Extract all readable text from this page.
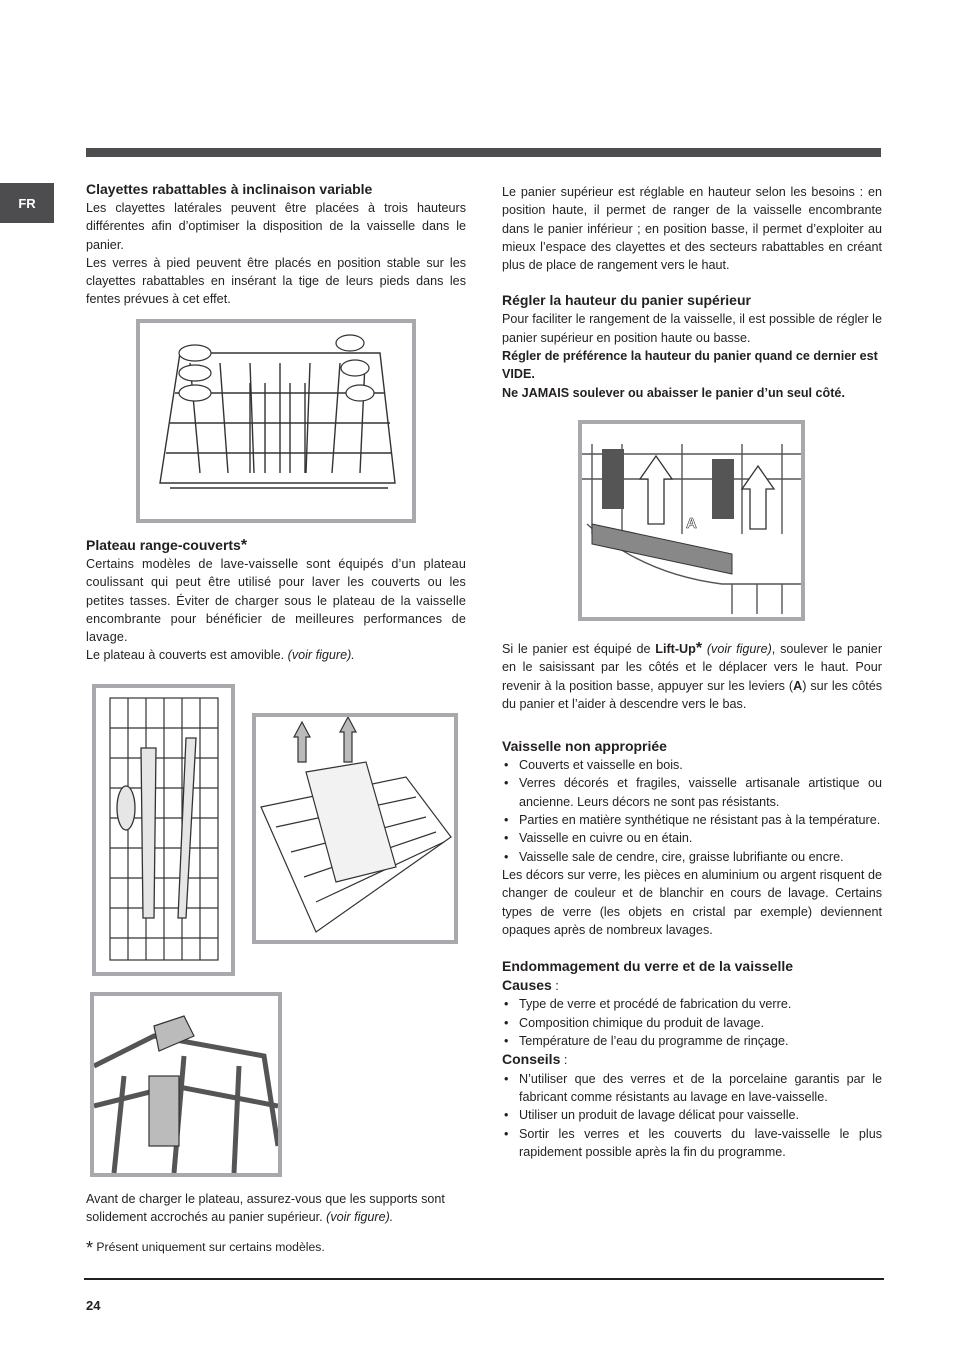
FR
Clayettes rabattables à inclinaison variable

Les clayettes latérales peuvent être placées à trois hauteurs différentes afin d’optimiser la disposition de la vaisselle dans le panier.

Les verres à pied peuvent être placés en position stable sur les clayettes rabattables en insérant la tige de leurs pieds dans les fentes prévues à cet effet.

Plateau range-couverts*

Certains modèles de lave-vaisselle sont équipés d’un plateau coulissant qui peut être utilisé pour laver les couverts ou les petites tasses. Éviter de charger sous le plateau de la vaisselle encombrante pour bénéficier de meilleures performances de lavage.

Le plateau à couverts est amovible. (voir figure).

Avant de charger le plateau, assurez-vous que les supports sont solidement accrochés au panier supérieur. (voir figure).

* Présent uniquement sur certains modèles.

Le panier supérieur est réglable en hauteur selon les besoins : en position haute, il permet de ranger de la vaisselle encombrante dans le panier inférieur ; en position basse, il permet d’exploiter au mieux l’espace des clayettes et des secteurs rabattables en créant plus de place de rangement vers le haut.

Régler la hauteur du panier supérieur

Pour faciliter le rangement de la vaisselle, il est possible de régler le panier supérieur en position haute ou basse.

Régler de préférence la hauteur du panier quand ce dernier est VIDE.

Ne JAMAIS soulever ou abaisser le panier d’un seul côté.

A

Si le panier est équipé de Lift-Up* (voir figure), soulever le panier en le saisissant par les côtés et le déplacer vers le haut. Pour revenir à la position basse, appuyer sur les leviers (A) sur les côtés du panier et l’aider à descendre vers le bas.

Vaisselle non appropriée
• Couverts et vaisselle en bois.
• Verres décorés et fragiles, vaisselle artisanale artistique ou ancienne. Leurs décors ne sont pas résistants.
• Parties en matière synthétique ne résistant pas à la température.
• Vaisselle en cuivre ou en étain.
• Vaisselle sale de cendre, cire, graisse lubrifiante ou encre.

Les décors sur verre, les pièces en aluminium ou argent risquent de changer de couleur et de blanchir en cours de lavage. Certains types de verre (les objets en cristal par exemple) deviennent opaques après de nombreux lavages.

Endommagement du verre et de la vaisselle
Causes :
• Type de verre et procédé de fabrication du verre.
• Composition chimique du produit de lavage.
• Température de l’eau du programme de rinçage.
Conseils :
• N’utiliser que des verres et de la porcelaine garantis par le fabricant comme résistants au lavage en lave-vaisselle.
• Utiliser un produit de lavage délicat pour vaisselle.
• Sortir les verres et les couverts du lave-vaisselle le plus rapidement possible après la fin du programme.
24
